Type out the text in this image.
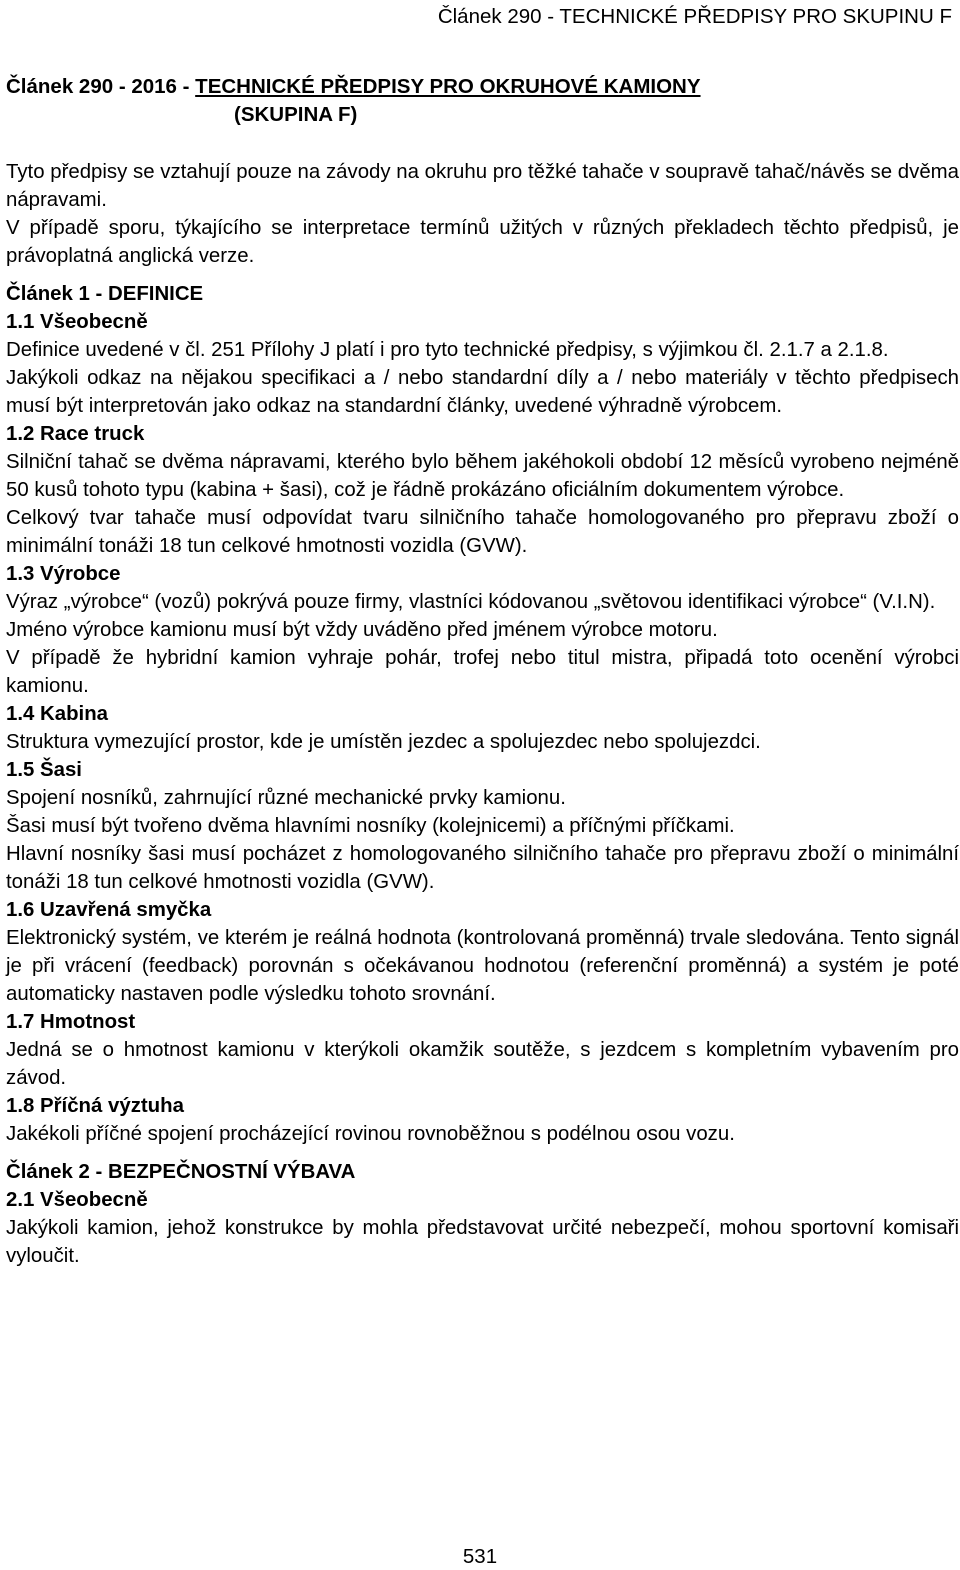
Článek 290 - TECHNICKÉ PŘEDPISY PRO SKUPINU F
Článek 290 - 2016 - TECHNICKÉ PŘEDPISY PRO OKRUHOVÉ KAMIONY
(SKUPINA F)

Tyto předpisy se vztahují pouze na závody na okruhu pro těžké tahače v soupravě tahač/návěs se dvěma nápravami.

V případě sporu, týkajícího se interpretace termínů užitých v různých překladech těchto předpisů, je právoplatná anglická verze.

Článek 1 - DEFINICE
1.1 Všeobecně

Definice uvedené v čl. 251 Přílohy J platí i pro tyto technické předpisy, s výjimkou čl. 2.1.7 a 2.1.8.

Jakýkoli odkaz na nějakou specifikaci a / nebo standardní díly a / nebo materiály v těchto předpisech musí být interpretován jako odkaz na standardní články, uvedené výhradně výrobcem.

1.2 Race truck

Silniční tahač se dvěma nápravami, kterého bylo během jakéhokoli období 12 měsíců vyrobeno nejméně 50 kusů tohoto typu (kabina + šasi), což je řádně prokázáno oficiálním dokumentem výrobce.

Celkový tvar tahače musí odpovídat tvaru silničního tahače homologovaného pro přepravu zboží o minimální tonáži 18 tun celkové hmotnosti vozidla (GVW).

1.3 Výrobce

Výraz „výrobce“ (vozů) pokrývá pouze firmy, vlastníci kódovanou „světovou identifikaci výrobce“ (V.I.N).

Jméno výrobce kamionu musí být vždy uváděno před jménem výrobce motoru.

V případě že hybridní kamion vyhraje pohár, trofej nebo titul mistra, připadá toto ocenění výrobci kamionu.

1.4 Kabina

Struktura vymezující prostor, kde je umístěn jezdec a spolujezdec nebo spolujezdci.

1.5 Šasi

Spojení nosníků, zahrnující různé mechanické prvky kamionu.

Šasi musí být tvořeno dvěma hlavními nosníky (kolejnicemi) a příčnými příčkami.

Hlavní nosníky šasi musí pocházet z homologovaného silničního tahače pro přepravu zboží o minimální tonáži 18 tun celkové hmotnosti vozidla (GVW).

1.6 Uzavřená smyčka

Elektronický systém, ve kterém je reálná hodnota (kontrolovaná proměnná) trvale sledována. Tento signál je při vrácení (feedback) porovnán s očekávanou hodnotou (referenční proměnná) a systém je poté automaticky nastaven podle výsledku tohoto srovnání.

1.7 Hmotnost

Jedná se o hmotnost kamionu v kterýkoli okamžik soutěže, s jezdcem s kompletním vybavením pro závod.

1.8 Příčná výztuha

Jakékoli příčné spojení procházející rovinou rovnoběžnou s podélnou osou vozu.

Článek 2 - BEZPEČNOSTNÍ VÝBAVA
2.1 Všeobecně

Jakýkoli kamion, jehož konstrukce by mohla představovat určité nebezpečí, mohou sportovní komisaři vyloučit.

531
